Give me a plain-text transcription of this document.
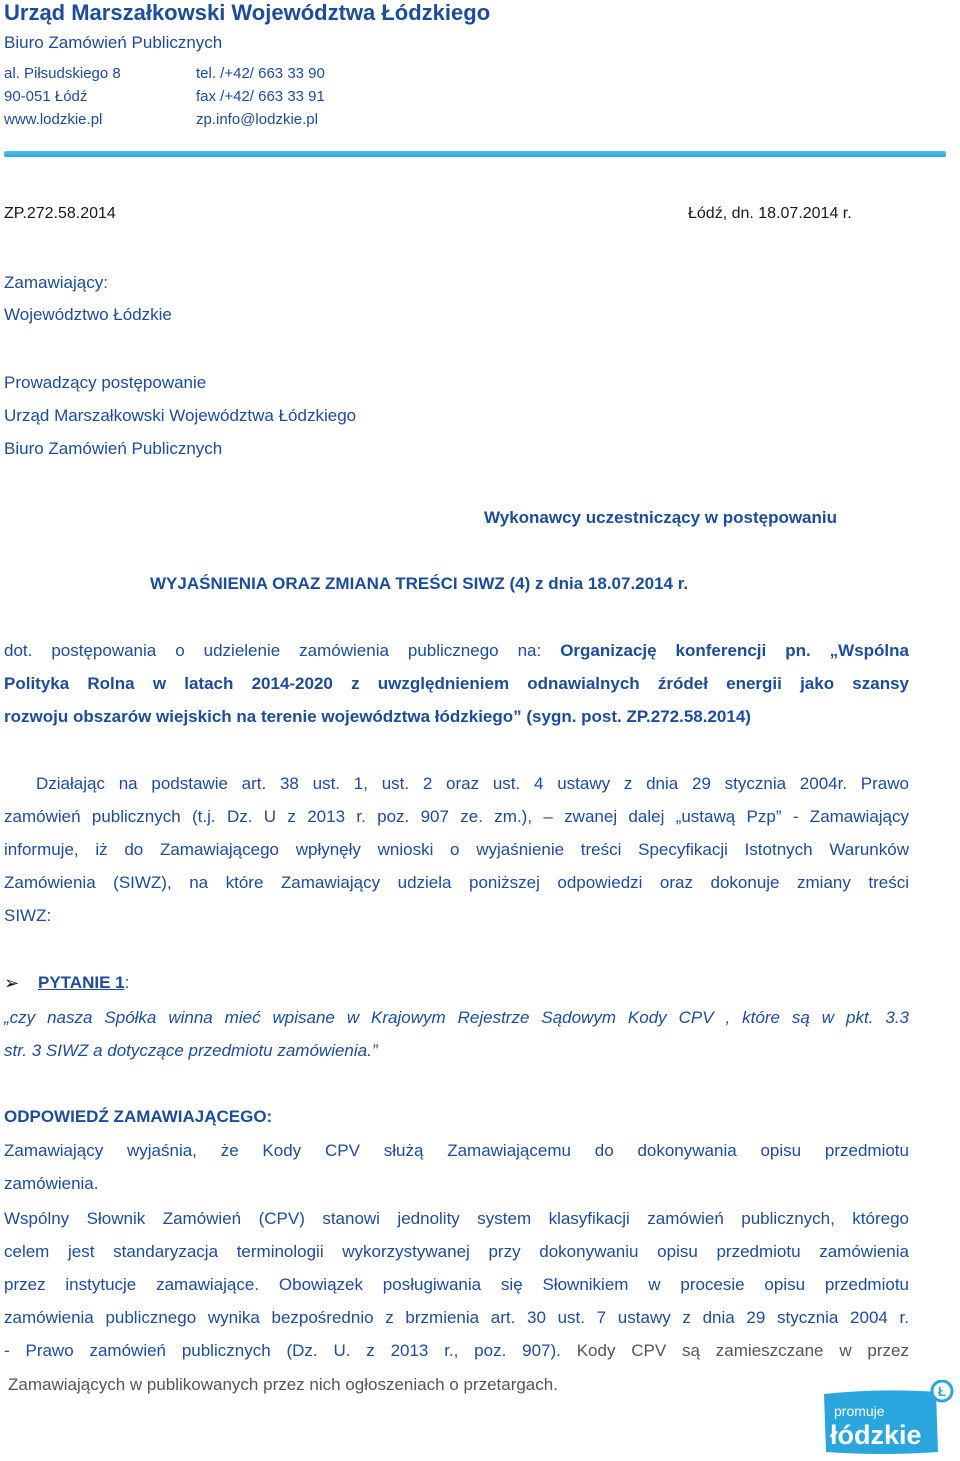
Urząd Marszałkowski Województwa Łódzkiego
Biuro Zamówień Publicznych
al. Piłsudskiego 8
90-051 Łódź
www.lodzkie.pl
tel. /+42/ 663 33 90
fax /+42/ 663 33 91
zp.info@lodzkie.pl
ZP.272.58.2014	Łódź, dn. 18.07.2014 r.
Zamawiający:
Województwo Łódzkie
Prowadzący postępowanie
Urząd Marszałkowski Województwa Łódzkiego
Biuro Zamówień Publicznych
Wykonawcy uczestniczący w postępowaniu
WYJAŚNIENIA ORAZ ZMIANA TREŚCI SIWZ (4) z dnia 18.07.2014 r.
dot. postępowania o udzielenie zamówienia publicznego na: Organizację konferencji pn. „Wspólna
Polityka Rolna w latach 2014-2020 z uwzględnieniem odnawialnych źródeł energii jako szansy
rozwoju obszarów wiejskich na terenie województwa łódzkiego” (sygn. post. ZP.272.58.2014)
Działając na podstawie art. 38 ust. 1, ust. 2 oraz ust. 4 ustawy z dnia 29 stycznia 2004r. Prawo
zamówień publicznych (t.j. Dz. U z 2013 r. poz. 907 ze. zm.), – zwanej dalej „ustawą Pzp” - Zamawiający
informuje, iż do Zamawiającego wpłynęły wnioski o wyjaśnienie treści Specyfikacji Istotnych Warunków
Zamówienia (SIWZ), na które Zamawiający udziela poniższej odpowiedzi oraz dokonuje zmiany treści
SIWZ:
➢ PYTANIE 1:
„czy nasza Spółka winna mieć wpisane w Krajowym Rejestrze Sądowym Kody CPV , które są w pkt. 3.3
str. 3 SIWZ a dotyczące przedmiotu zamówienia.”
ODPOWIEDŹ ZAMAWIAJĄCEGO:
Zamawiający wyjaśnia, że Kody CPV służą Zamawiającemu do dokonywania opisu przedmiotu
zamówienia.
Wspólny Słownik Zamówień (CPV) stanowi jednolity system klasyfikacji zamówień publicznych, którego
celem jest standaryzacja terminologii wykorzystywanej przy dokonywaniu opisu przedmiotu zamówienia
przez instytucje zamawiające. Obowiązek posługiwania się Słownikiem w procesie opisu przedmiotu
zamówienia publicznego wynika bezpośrednio z brzmienia art. 30 ust. 7 ustawy z dnia 29 stycznia 2004 r.
- Prawo zamówień publicznych (Dz. U. z 2013 r., poz. 907). Kody CPV są zamieszczane w przez
Zamawiających w publikowanych przez nich ogłoszeniach o przetargach.	Ł
promuje
łódzkie
